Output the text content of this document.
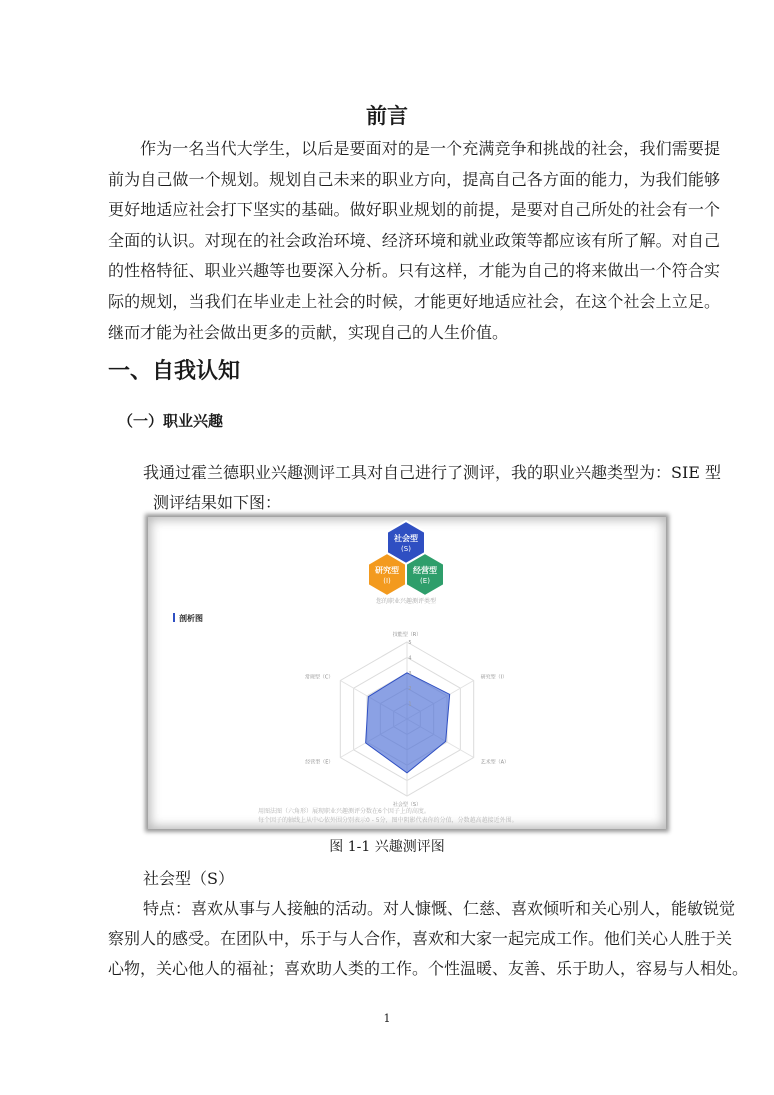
前言

作为一名当代大学生，以后是要面对的是一个充满竞争和挑战的社会，我们需要提前为自己做一个规划。规划自己未来的职业方向，提高自己各方面的能力，为我们能够更好地适应社会打下坚实的基础。做好职业规划的前提，是要对自己所处的社会有一个全面的认识。对现在的社会政治环境、经济环境和就业政策等都应该有所了解。对自己的性格特征、职业兴趣等也要深入分析。只有这样，才能为自己的将来做出一个符合实际的规划，当我们在毕业走上社会的时候，才能更好地适应社会，在这个社会上立足。继而才能为社会做出更多的贡献，实现自己的人生价值。

一、自我认知
（一）职业兴趣
我通过霍兰德职业兴趣测评工具对自己进行了测评，我的职业兴趣类型为：SIE 型
测评结果如下图：
社会型
(S)
研究型
(I)
经营型
(E)
您的职业兴趣测评类型
剖析图
1
2
3
4
5
技能型（R）
研究型（I）
艺术型（A）
社会型（S）
经营型（E）
常规型（C）
用图法图（六角形）展现职业兴趣测评分数在6个因子上的高度。
每个因子的轴线上从中心依外围分别表示0 - 5分，图中阴影代表你的分值，分数越高越接近外围。
图 1-1 兴趣测评图
社会型（S）
特点：喜欢从事与人接触的活动。对人慷慨、仁慈、喜欢倾听和关心别人，能敏锐觉
察别人的感受。在团队中，乐于与人合作，喜欢和大家一起完成工作。他们关心人胜于关
心物，关心他人的福祉；喜欢助人类的工作。个性温暖、友善、乐于助人，容易与人相处。
1
